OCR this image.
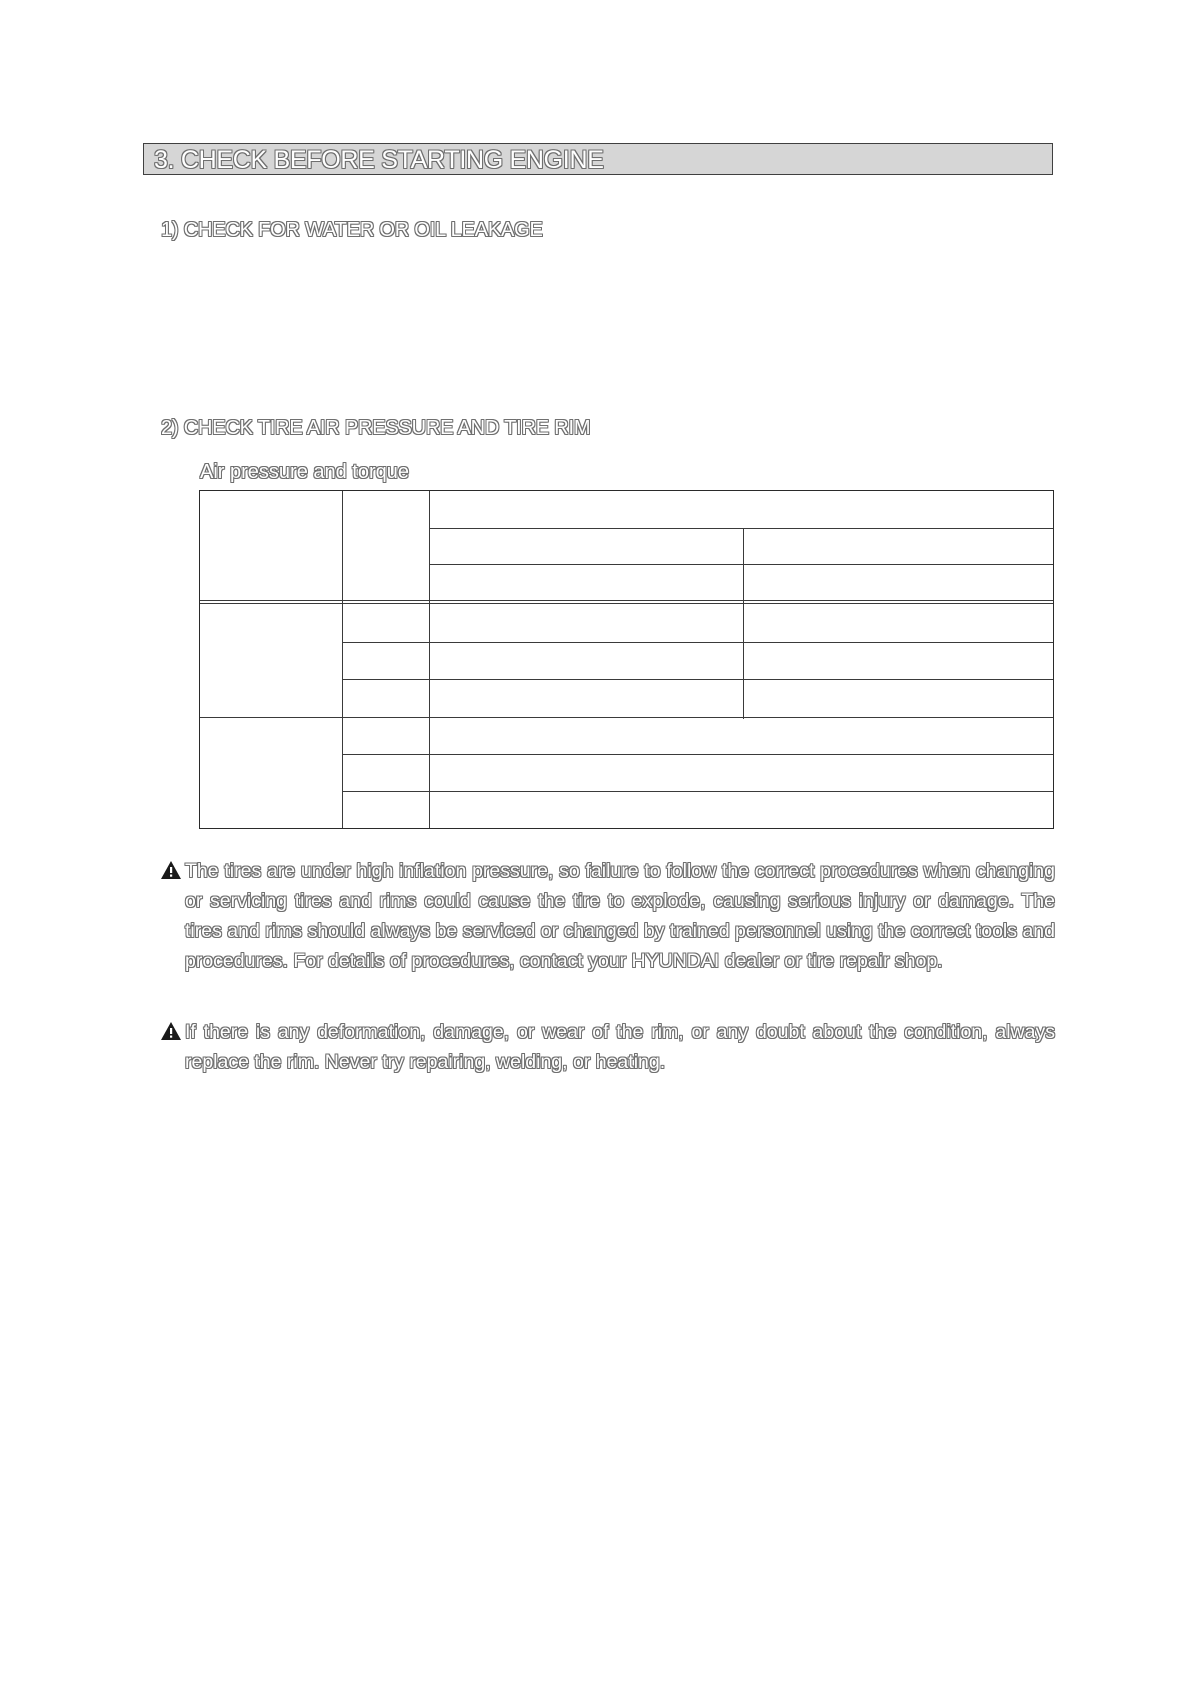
3. CHECK BEFORE STARTING ENGINE
1) CHECK FOR WATER OR OIL LEAKAGE
2) CHECK TIRE AIR PRESSURE AND TIRE RIM
Air pressure and torque
The tires are under high inflation pressure, so failure to follow the correct procedures when changing or servicing tires and rims could cause the tire to explode, causing serious injury or damage. The tires and rims should always be serviced or changed by trained personnel using the correct tools and procedures. For details of procedures, contact your HYUNDAI dealer or tire repair shop.
If there is any deformation, damage, or wear of the rim, or any doubt about the condition, always replace the rim. Never try repairing, welding, or heating.
